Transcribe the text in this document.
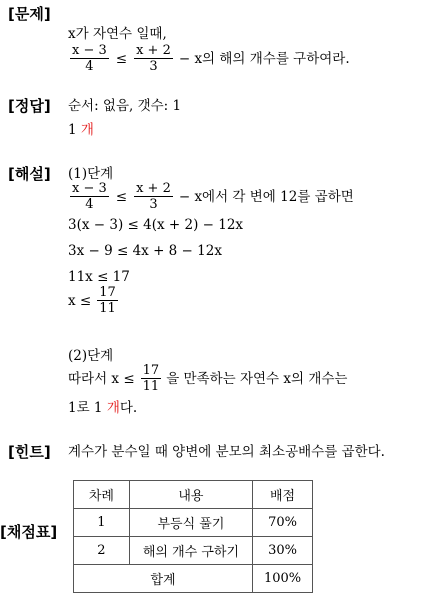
[문제]
x가 자연수 일때,
$\frac{x - 3}{4} \le \frac{x + 2}{3} - x$의 해의 개수를 구하여라.
[정답] 순서: 없음, 갯수: 1
1 개
[해설] (1)단계
$\frac{x - 3}{4} \le \frac{x + 2}{3} - x$에서 각 변에 12를 곱하면
3(x − 3) ≤ 4(x + 2) − 12x
3x − 9 ≤ 4x + 8 − 12x
11x ≤ 17
$x \le \frac{17}{11}$
(2)단계
따라서 $x \le \frac{17}{11}$ 을 만족하는 자연수 x의 개수는
1로 1 개다.
[힌트] 계수가 분수일 때 양변에 분모의 최소공배수를 곱한다.
[채점표]
차례	내용	배점
1	부등식 풀기	70%
2	해의 개수 구하기	30%
합계		100%
